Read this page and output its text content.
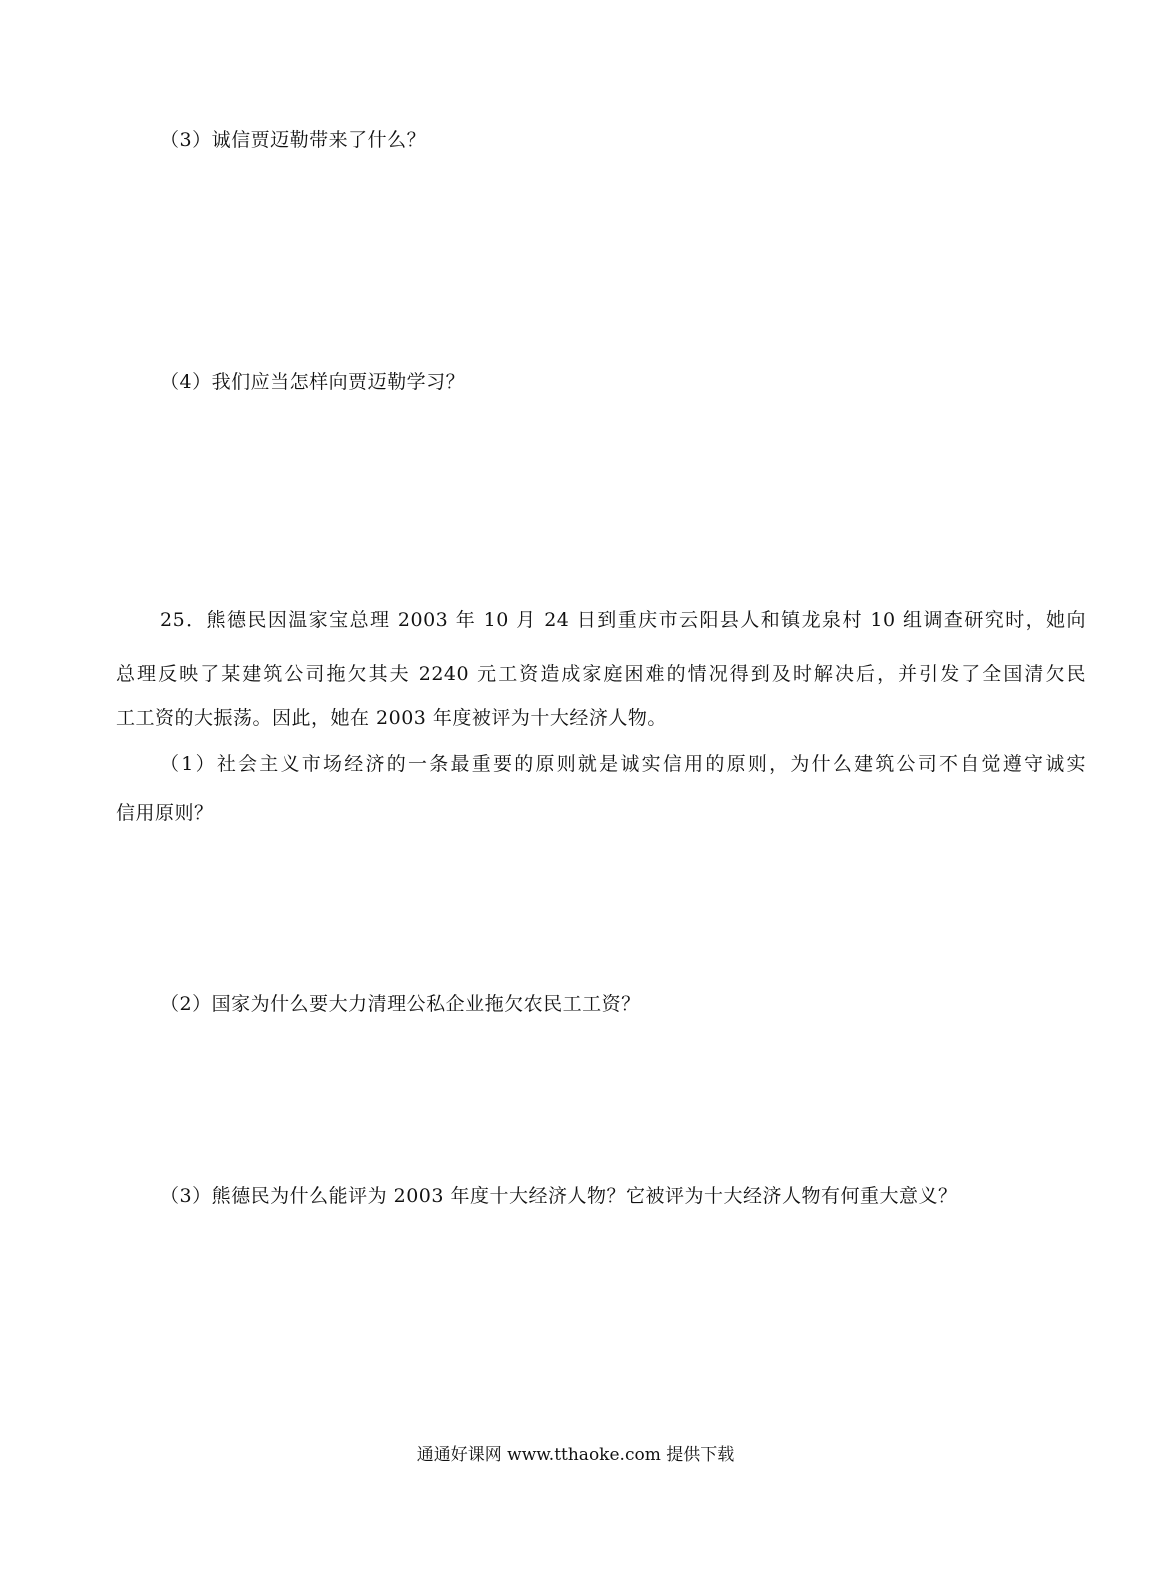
（3）诚信贾迈勒带来了什么？
（4）我们应当怎样向贾迈勒学习？
25．熊德民因温家宝总理 2003 年 10 月 24 日到重庆市云阳县人和镇龙泉村 10 组调查研究时，她向
总理反映了某建筑公司拖欠其夫 2240 元工资造成家庭困难的情况得到及时解决后，并引发了全国清欠民
工工资的大振荡。因此，她在 2003 年度被评为十大经济人物。
（1）社会主义市场经济的一条最重要的原则就是诚实信用的原则，为什么建筑公司不自觉遵守诚实
信用原则？
（2）国家为什么要大力清理公私企业拖欠农民工工资？
（3）熊德民为什么能评为 2003 年度十大经济人物？它被评为十大经济人物有何重大意义？
通通好课网 www.tthaoke.com 提供下载
